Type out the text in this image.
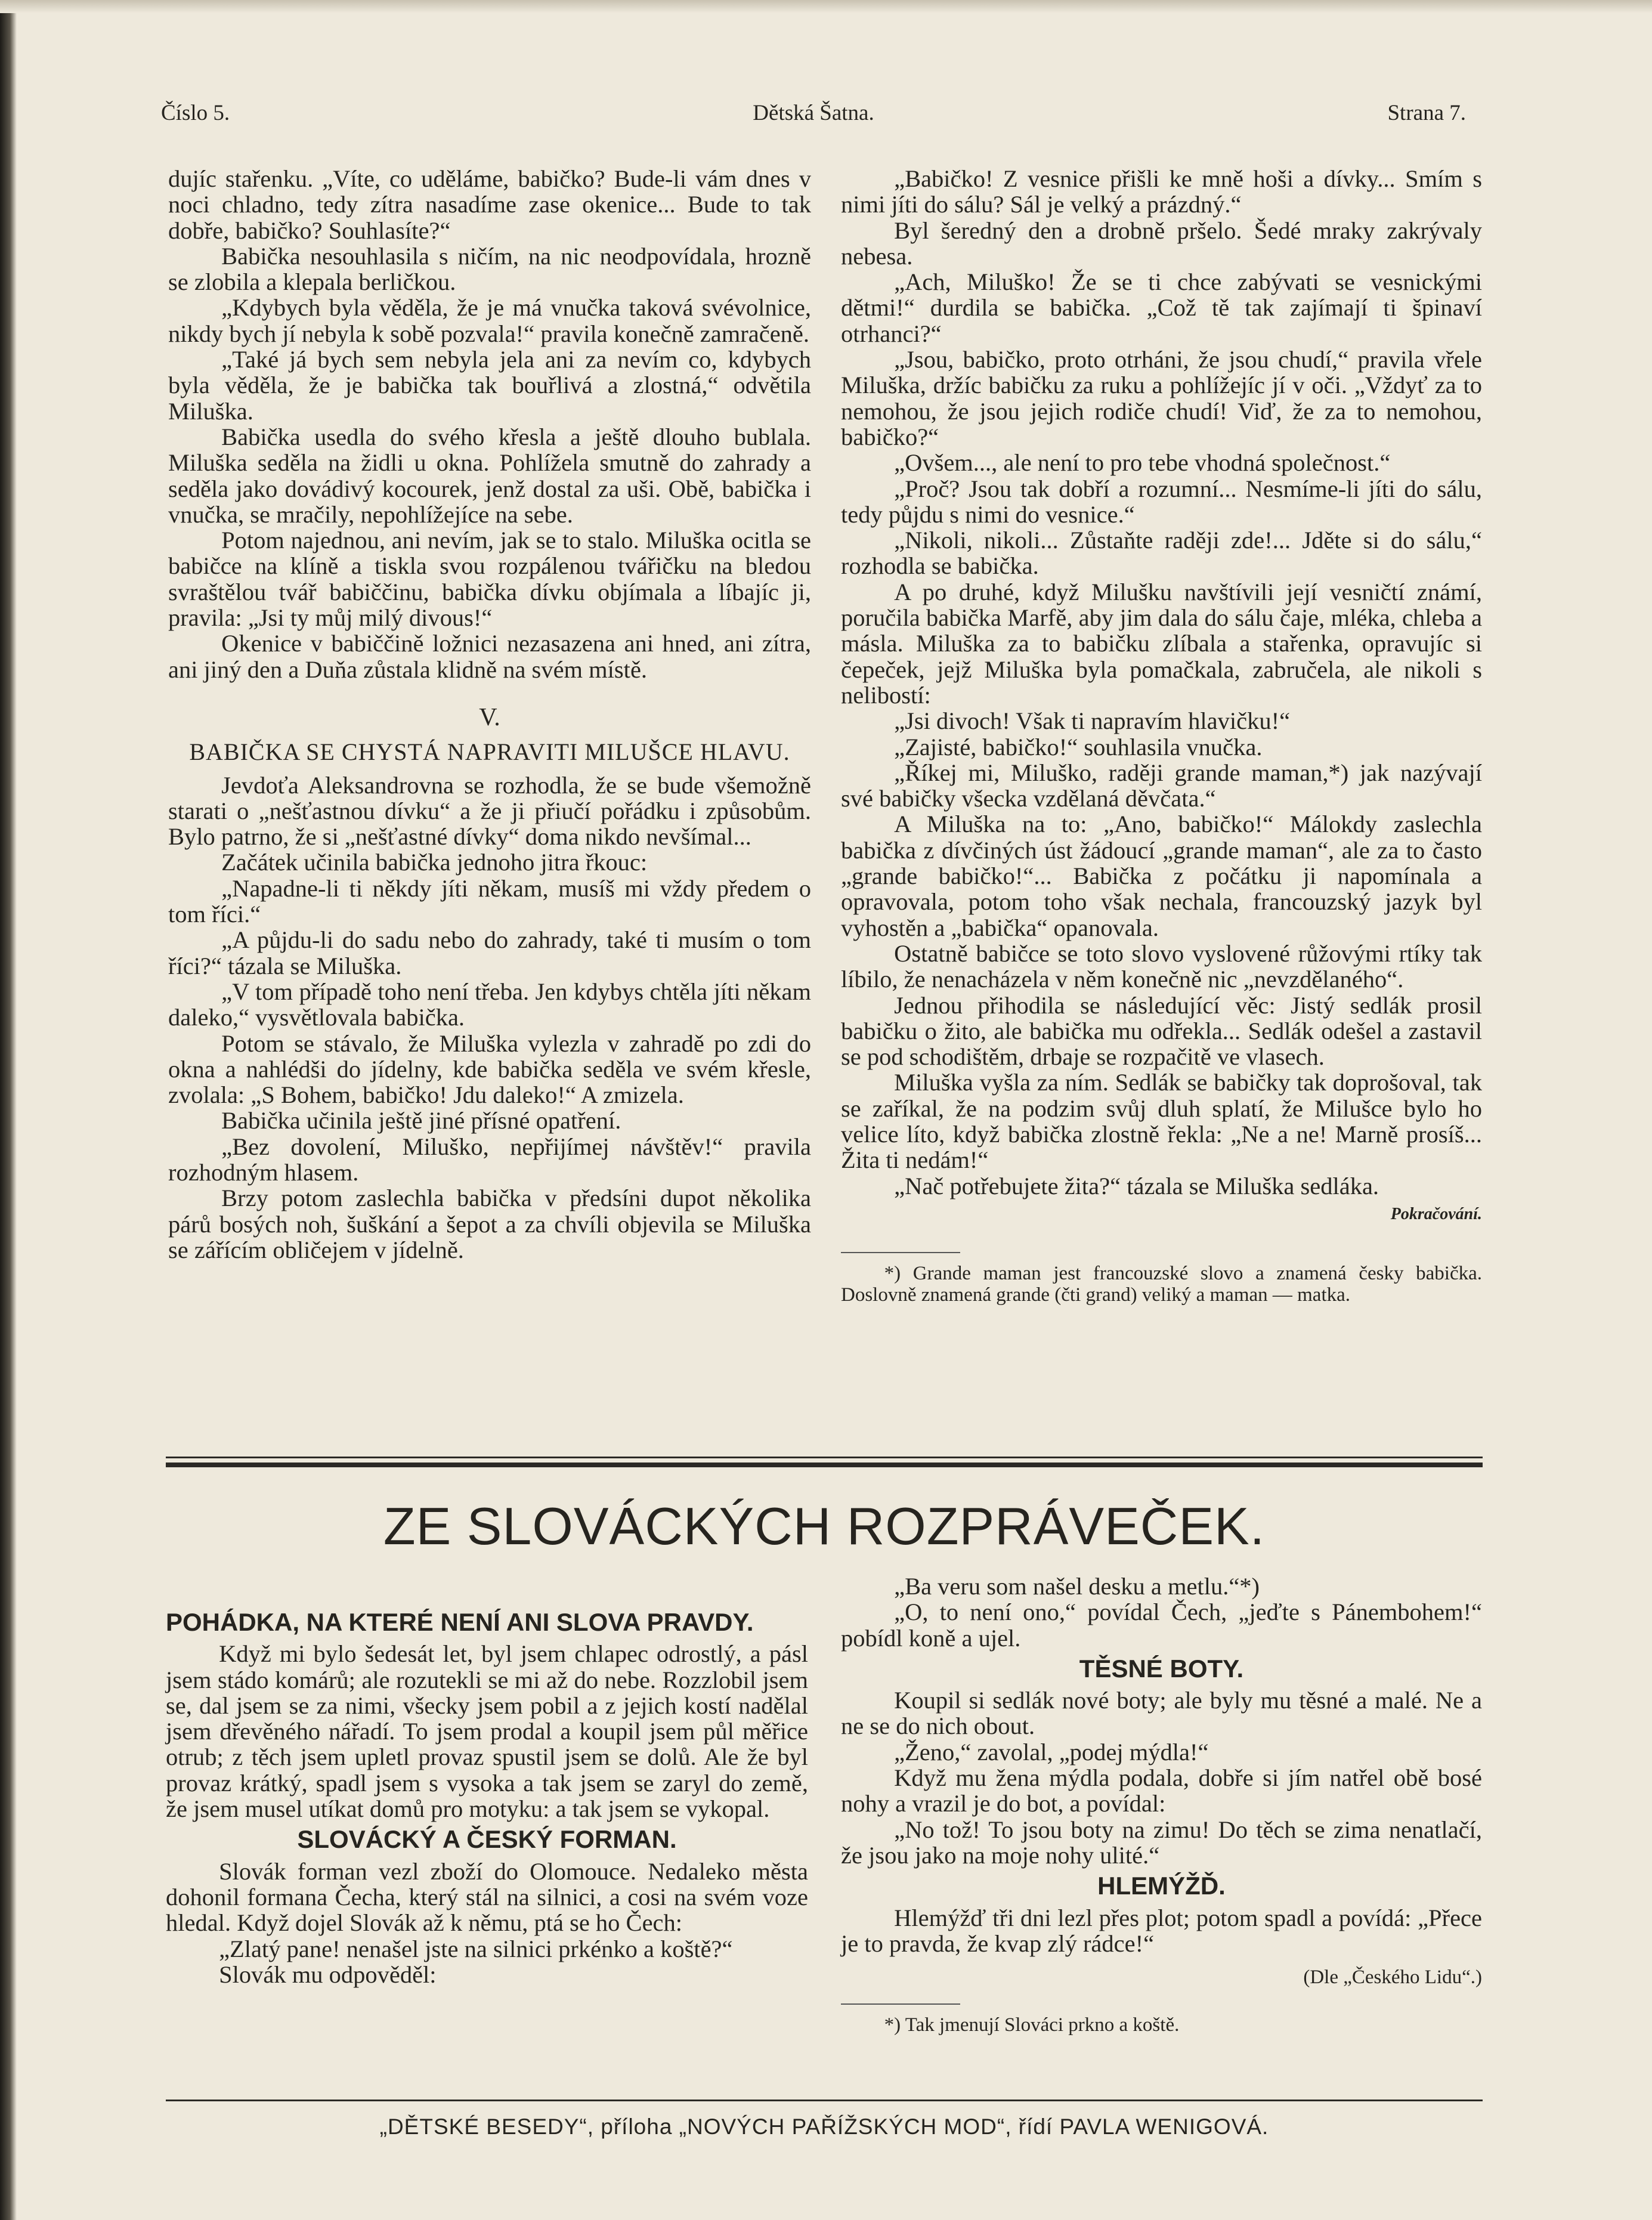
Dětská Šatna.
Číslo 5.	Strana 7.

dujíc stařenku. „Víte, co uděláme, babičko? Bude-li vám dnes v noci chladno, tedy zítra nasadíme zase okenice... Bude to tak dobře, babičko? Souhlasíte?“

Babička nesouhlasila s ničím, na nic neodpovídala, hrozně se zlobila a klepala berličkou.

„Kdybych byla věděla, že je má vnučka taková svévolnice, nikdy bych jí nebyla k sobě pozvala!“ pravila konečně zamračeně.

„Také já bych sem nebyla jela ani za nevím co, kdybych byla věděla, že je babička tak bouřlivá a zlostná,“ odvětila Miluška.

Babička usedla do svého křesla a ještě dlouho bublala. Miluška seděla na židli u okna. Pohlížela smutně do zahrady a seděla jako dovádivý kocourek, jenž dostal za uši. Obě, babička i vnučka, se mračily, nepohlížejíce na sebe.

Potom najednou, ani nevím, jak se to stalo. Miluška ocitla se babičce na klíně a tiskla svou rozpálenou tvářičku na bledou svraštělou tvář babiččinu, babička dívku objímala a líbajíc ji, pravila: „Jsi ty můj milý divous!“

Okenice v babiččině ložnici nezasazena ani hned, ani zítra, ani jiný den a Duňa zůstala klidně na svém místě.

V.
BABIČKA SE CHYSTÁ NAPRAVITI MILUŠCE HLAVU.

Jevdoťa Aleksandrovna se rozhodla, že se bude všemožně starati o „nešťastnou dívku“ a že ji přiučí pořádku i způsobům. Bylo patrno, že si „nešťastné dívky“ doma nikdo nevšímal...

Začátek učinila babička jednoho jitra řkouc:

„Napadne-li ti někdy jíti někam, musíš mi vždy předem o tom říci.“

„A půjdu-li do sadu nebo do zahrady, také ti musím o tom říci?“ tázala se Miluška.

„V tom případě toho není třeba. Jen kdybys chtěla jíti někam daleko,“ vysvětlovala babička.

Potom se stávalo, že Miluška vylezla v zahradě po zdi do okna a nahlédši do jídelny, kde babička seděla ve svém křesle, zvolala: „S Bohem, babičko! Jdu daleko!“ A zmizela.

Babička učinila ještě jiné přísné opatření.

„Bez dovolení, Miluško, nepřijímej návštěv!“ pravila rozhodným hlasem.

Brzy potom zaslechla babička v předsíni dupot několika párů bosých noh, šuškání a šepot a za chvíli objevila se Miluška se zářícím obličejem v jídelně.

„Babičko! Z vesnice přišli ke mně hoši a dívky... Smím s nimi jíti do sálu? Sál je velký a prázdný.“

Byl šeredný den a drobně pršelo. Šedé mraky zakrývaly nebesa.

„Ach, Miluško! Že se ti chce zabývati se vesnickými dětmi!“ durdila se babička. „Což tě tak zajímají ti špinaví otrhanci?“

„Jsou, babičko, proto otrháni, že jsou chudí,“ pravila vřele Miluška, držíc babičku za ruku a pohlížejíc jí v oči. „Vždyť za to nemohou, že jsou jejich rodiče chudí! Viď, že za to nemohou, babičko?“

„Ovšem..., ale není to pro tebe vhodná společnost.“

„Proč? Jsou tak dobří a rozumní... Nesmíme-li jíti do sálu, tedy půjdu s nimi do vesnice.“

„Nikoli, nikoli... Zůstaňte raději zde!... Jděte si do sálu,“ rozhodla se babička.

A po druhé, když Milušku navštívili její vesničtí známí, poručila babička Marfě, aby jim dala do sálu čaje, mléka, chleba a másla. Miluška za to babičku zlíbala a stařenka, opravujíc si čepeček, jejž Miluška byla pomačkala, zabručela, ale nikoli s nelibostí:

„Jsi divoch! Však ti napravím hlavičku!“

„Zajisté, babičko!“ souhlasila vnučka.

„Říkej mi, Miluško, raději grande maman,*) jak nazývají své babičky všecka vzdělaná děvčata.“

A Miluška na to: „Ano, babičko!“ Málokdy zaslechla babička z dívčiných úst žádoucí „grande maman“, ale za to často „grande babičko!“... Babička z počátku ji napomínala a opravovala, potom toho však nechala, francouzský jazyk byl vyhostěn a „babička“ opanovala.

Ostatně babičce se toto slovo vyslovené růžovými rtíky tak líbilo, že nenacházela v něm konečně nic „nevzdělaného“.

Jednou přihodila se následující věc: Jistý sedlák prosil babičku o žito, ale babička mu odřekla... Sedlák odešel a zastavil se pod schodištěm, drbaje se rozpačitě ve vlasech.

Miluška vyšla za ním. Sedlák se babičky tak doprošoval, tak se zaříkal, že na podzim svůj dluh splatí, že Milušce bylo ho velice líto, když babička zlostně řekla: „Ne a ne! Marně prosíš... Žita ti nedám!“

„Nač potřebujete žita?“ tázala se Miluška sedláka.

Pokračování.
*) Grande maman jest francouzské slovo a znamená česky babička. Doslovně znamená grande (čti grand) veliký a maman — matka.
ZE SLOVÁCKÝCH ROZPRÁVEČEK.
POHÁDKA, NA KTERÉ NENÍ ANI SLOVA PRAVDY.

Když mi bylo šedesát let, byl jsem chlapec odrostlý, a pásl jsem stádo komárů; ale rozutekli se mi až do nebe. Rozzlobil jsem se, dal jsem se za nimi, všecky jsem pobil a z jejich kostí nadělal jsem dřevěného nářadí. To jsem prodal a koupil jsem půl měřice otrub; z těch jsem upletl provaz spustil jsem se dolů. Ale že byl provaz krátký, spadl jsem s vysoka a tak jsem se zaryl do země, že jsem musel utíkat domů pro motyku: a tak jsem se vykopal.

SLOVÁCKÝ A ČESKÝ FORMAN.

Slovák forman vezl zboží do Olomouce. Nedaleko města dohonil formana Čecha, který stál na silnici, a cosi na svém voze hledal. Když dojel Slovák až k němu, ptá se ho Čech:

„Zlatý pane! nenašel jste na silnici prkénko a koště?“

Slovák mu odpověděl:

„Ba veru som našel desku a metlu.“*)

„O, to není ono,“ povídal Čech, „jeďte s Pánembohem!“ pobídl koně a ujel.

TĚSNÉ BOTY.

Koupil si sedlák nové boty; ale byly mu těsné a malé. Ne a ne se do nich obout.

„Ženo,“ zavolal, „podej mýdla!“

Když mu žena mýdla podala, dobře si jím natřel obě bosé nohy a vrazil je do bot, a povídal:

„No tož! To jsou boty na zimu! Do těch se zima nenatlačí, že jsou jako na moje nohy ulité.“

HLEMÝŽĎ.

Hlemýžď tři dni lezl přes plot; potom spadl a povídá: „Přece je to pravda, že kvap zlý rádce!“

(Dle „Českého Lidu“.)
*) Tak jmenují Slováci prkno a koště.
„DĚTSKÉ BESEDY“, příloha „NOVÝCH PAŘÍŽSKÝCH MOD“, řídí PAVLA WENIGOVÁ.
